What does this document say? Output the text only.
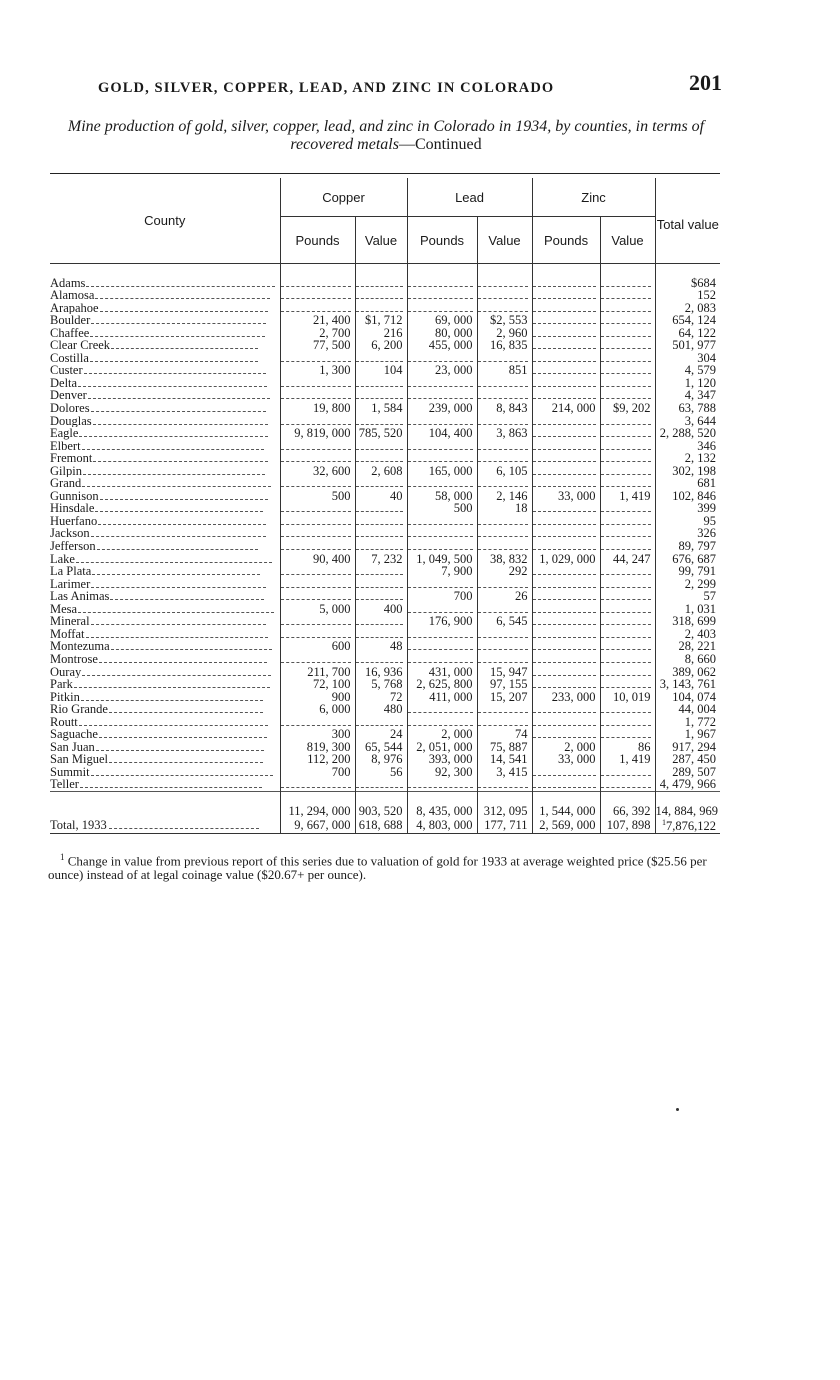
GOLD, SILVER, COPPER, LEAD, AND ZINC IN COLORADO	201
Mine production of gold, silver, copper, lead, and zinc in Colorado in 1934, by counties, in terms of recovered metals—Continued
County	Copper		Lead		Zinc		Total value
	Pounds	Value	Pounds	Value	Pounds	Value	

Adams							$684
Alamosa							152
Arapahoe							2, 083
Boulder	21, 400	$1, 712	69, 000	$2, 553			654, 124
Chaffee	2, 700	216	80, 000	2, 960			64, 122
Clear Creek	77, 500	6, 200	455, 000	16, 835			501, 977
Costilla							304
Custer	1, 300	104	23, 000	851			4, 579
Delta							1, 120
Denver							4, 347
Dolores	19, 800	1, 584	239, 000	8, 843	214, 000	$9, 202	63, 788
Douglas							3, 644
Eagle	9, 819, 000	785, 520	104, 400	3, 863			2, 288, 520
Elbert							346
Fremont							2, 132
Gilpin	32, 600	2, 608	165, 000	6, 105			302, 198
Grand							681
Gunnison	500	40	58, 000	2, 146	33, 000	1, 419	102, 846
Hinsdale			500	18			399
Huerfano							95
Jackson							326
Jefferson							89, 797
Lake	90, 400	7, 232	1, 049, 500	38, 832	1, 029, 000	44, 247	676, 687
La Plata			7, 900	292			99, 791
Larimer							2, 299
Las Animas			700	26			57
Mesa	5, 000	400					1, 031
Mineral			176, 900	6, 545			318, 699
Moffat							2, 403
Montezuma	600	48					28, 221
Montrose							8, 660
Ouray	211, 700	16, 936	431, 000	15, 947			389, 062
Park	72, 100	5, 768	2, 625, 800	97, 155			3, 143, 761
Pitkin	900	72	411, 000	15, 207	233, 000	10, 019	104, 074
Rio Grande	6, 000	480					44, 004
Routt							1, 772
Saguache	300	24	2, 000	74			1, 967
San Juan	819, 300	65, 544	2, 051, 000	75, 887	2, 000	86	917, 294
San Miguel	112, 200	8, 976	393, 000	14, 541	33, 000	1, 419	287, 450
Summit	700	56	92, 300	3, 415			289, 507
Teller							4, 479, 966

	11, 294, 000	903, 520	8, 435, 000	312, 095	1, 544, 000	66, 392	14, 884, 969
Total, 1933	9, 667, 000	618, 688	4, 803, 000	177, 711	2, 569, 000	107, 898	$^1$7,876,122
$^1$ Change in value from previous report of this series due to valuation of gold for 1933 at average weighted price ($25.56 per ounce) instead of at legal coinage value ($20.67+ per ounce).
